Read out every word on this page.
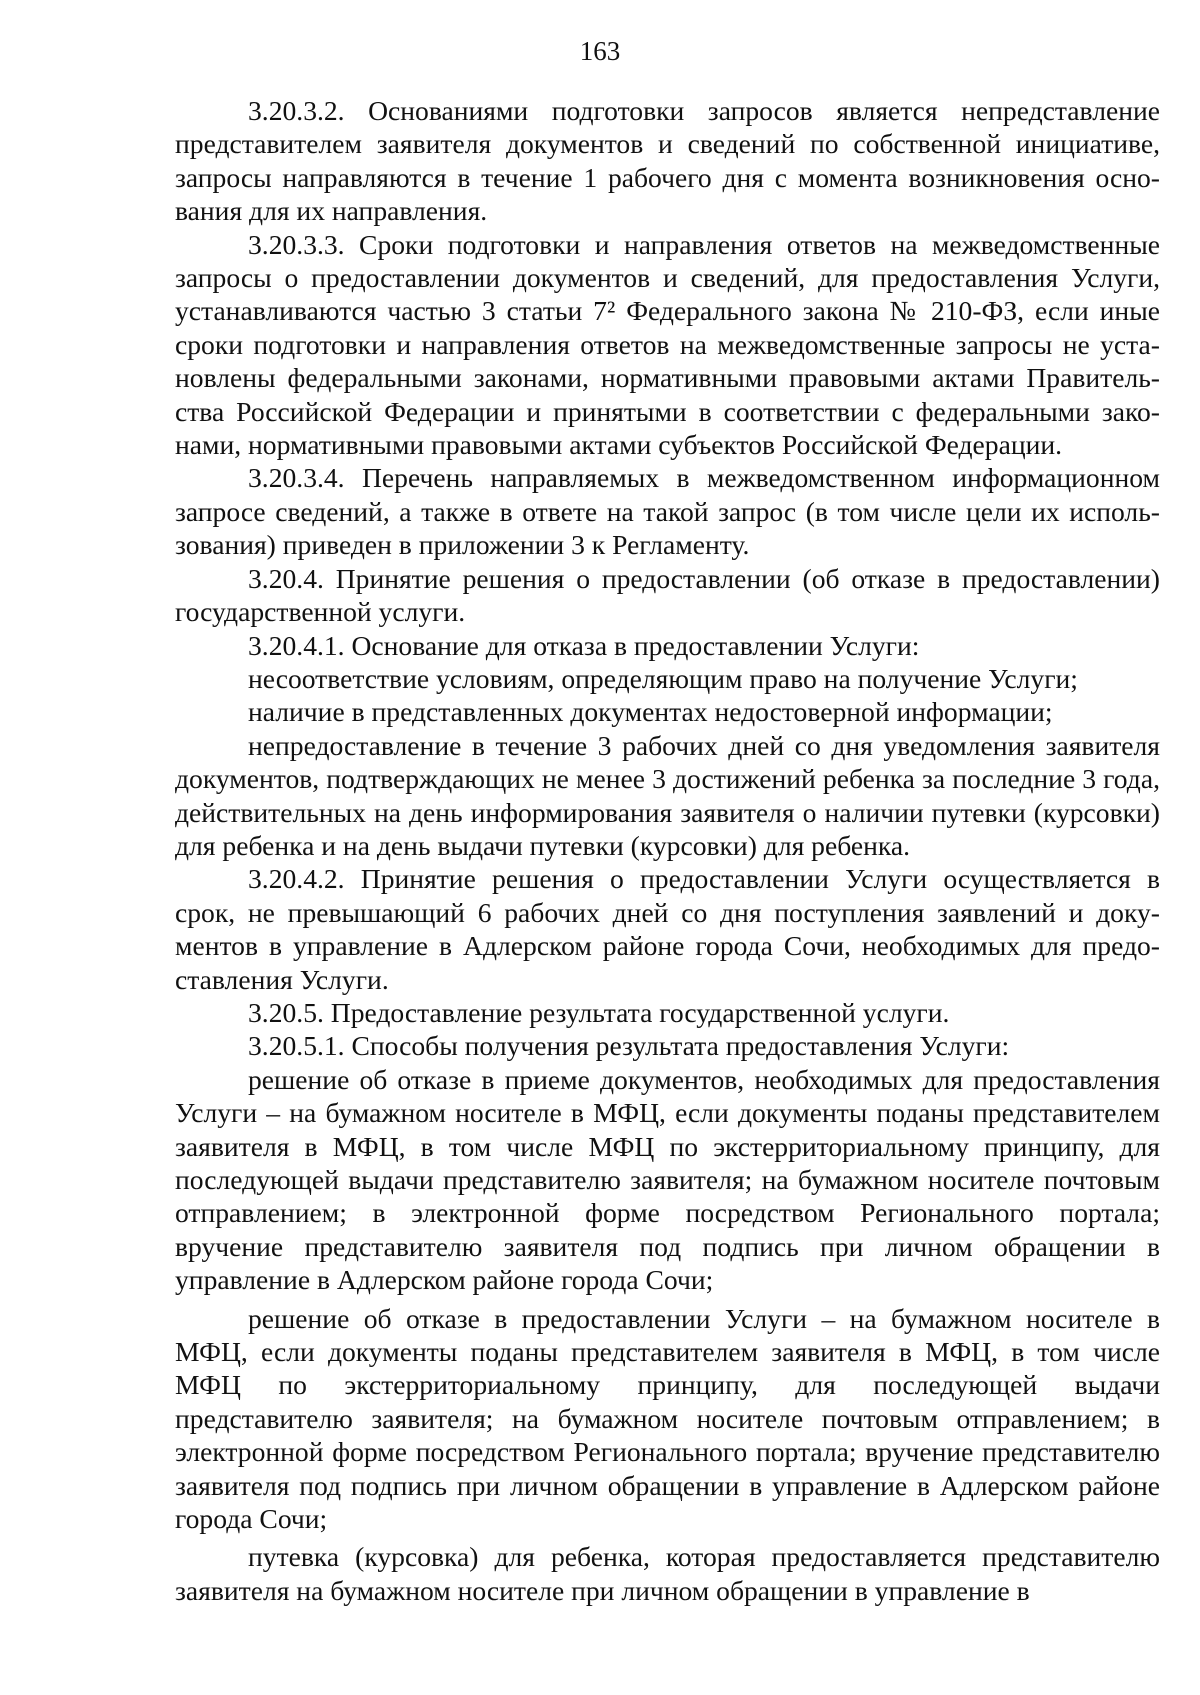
163

3.20.3.2. Основаниями подготовки запросов является непредставление представителем заявителя документов и сведений по собственной инициативе, запросы направляются в течение 1 рабочего дня с момента возникновения основания для их направления.

3.20.3.3. Сроки подготовки и направления ответов на межведомственные запросы о предоставлении документов и сведений, для предоставления Услуги, устанавливаются частью 3 статьи 7² Федерального закона № 210-ФЗ, если иные сроки подготовки и направления ответов на межведомственные запросы не установлены федеральными законами, нормативными правовыми актами Правительства Российской Федерации и принятыми в соответствии с федеральными законами, нормативными правовыми актами субъектов Российской Федерации.

3.20.3.4. Перечень направляемых в межведомственном информационном запросе сведений, а также в ответе на такой запрос (в том числе цели их использования) приведен в приложении 3 к Регламенту.

3.20.4. Принятие решения о предоставлении (об отказе в предоставлении) государственной услуги.

3.20.4.1. Основание для отказа в предоставлении Услуги:

несоответствие условиям, определяющим право на получение Услуги;

наличие в представленных документах недостоверной информации;

непредоставление в течение 3 рабочих дней со дня уведомления заявителя документов, подтверждающих не менее 3 достижений ребенка за последние 3 года, действительных на день информирования заявителя о наличии путевки (курсовки) для ребенка и на день выдачи путевки (курсовки) для ребенка.

3.20.4.2. Принятие решения о предоставлении Услуги осуществляется в срок, не превышающий 6 рабочих дней со дня поступления заявлений и документов в управление в Адлерском районе города Сочи, необходимых для предоставления Услуги.

3.20.5. Предоставление результата государственной услуги.

3.20.5.1. Способы получения результата предоставления Услуги:

решение об отказе в приеме документов, необходимых для предоставления Услуги – на бумажном носителе в МФЦ, если документы поданы представителем заявителя в МФЦ, в том числе МФЦ по экстерриториальному принципу, для последующей выдачи представителю заявителя; на бумажном носителе почтовым отправлением; в электронной форме посредством Регионального портала; вручение представителю заявителя под подпись при личном обращении в управление в Адлерском районе города Сочи;

решение об отказе в предоставлении Услуги – на бумажном носителе в МФЦ, если документы поданы представителем заявителя в МФЦ, в том числе МФЦ по экстерриториальному принципу, для последующей выдачи представителю заявителя; на бумажном носителе почтовым отправлением; в электронной форме посредством Регионального портала; вручение представителю заявителя под подпись при личном обращении в управление в Адлерском районе города Сочи;

путевка (курсовка) для ребенка, которая предоставляется представителю заявителя на бумажном носителе при личном обращении в управление в
